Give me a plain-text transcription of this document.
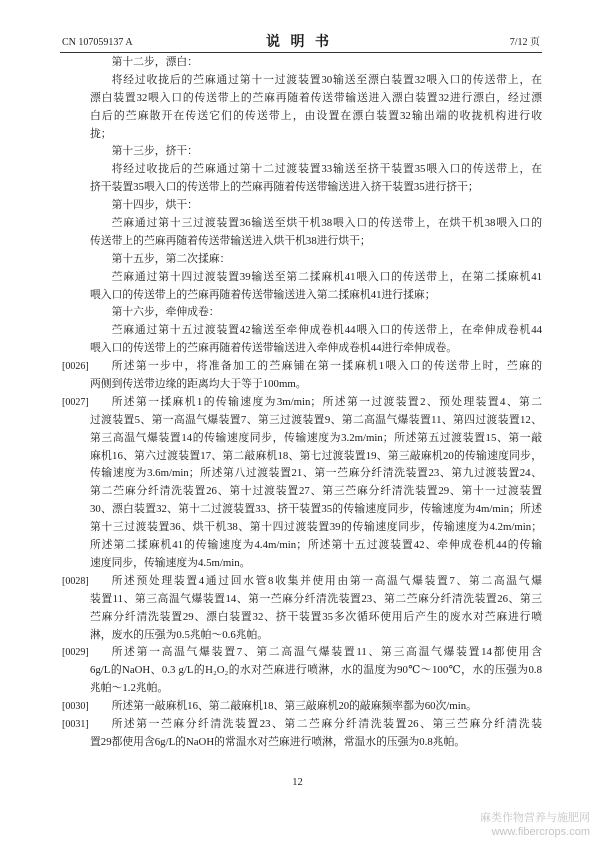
CN 107059137 A	说 明 书	7/12 页
第十二步，漂白：
将经过收拢后的苎麻通过第十一过渡装置30输送至漂白装置32喂入口的传送带上，在
漂白装置32喂入口的传送带上的苎麻再随着传送带输送进入漂白装置32进行漂白，经过漂
白后的苎麻散开在传送它们的传送带上，由设置在漂白装置32输出端的收拢机构进行收
拢；
第十三步，挤干：
将经过收拢后的苎麻通过第十二过渡装置33输送至挤干装置35喂入口的传送带上，在
挤干装置35喂入口的传送带上的苎麻再随着传送带输送进入挤干装置35进行挤干；
第十四步，烘干：
苎麻通过第十三过渡装置36输送至烘干机38喂入口的传送带上，在烘干机38喂入口的
传送带上的苎麻再随着传送带输送进入烘干机38进行烘干；
第十五步，第二次揉麻：
苎麻通过第十四过渡装置39输送至第二揉麻机41喂入口的传送带上，在第二揉麻机41
喂入口的传送带上的苎麻再随着传送带输送进入第二揉麻机41进行揉麻；
第十六步，牵伸成卷：
苎麻通过第十五过渡装置42输送至牵伸成卷机44喂入口的传送带上，在牵伸成卷机44
喂入口的传送带上的苎麻再随着传送带输送进入牵伸成卷机44进行牵伸成卷。
[0026]	所述第一步中，将准备加工的苎麻铺在第一揉麻机1喂入口的传送带上时，苎麻的
两侧到传送带边缘的距离均大于等于100mm。
[0027]	所述第一揉麻机1的传输速度为3m/min；所述第一过渡装置2、预处理装置4、第二
过渡装置5、第一高温气爆装置7、第三过渡装置9、第二高温气爆装置11、第四过渡装置12、
第三高温气爆装置14的传输速度同步，传输速度为3.2m/min；所述第五过渡装置15、第一敲
麻机16、第六过渡装置17、第二敲麻机18、第七过渡装置19、第三敲麻机20的传输速度同步，
传输速度为3.6m/min；所述第八过渡装置21、第一苎麻分纤清洗装置23、第九过渡装置24、
第二苎麻分纤清洗装置26、第十过渡装置27、第三苎麻分纤清洗装置29、第十一过渡装置
30、漂白装置32、第十二过渡装置33、挤干装置35的传输速度同步，传输速度为4m/min；所述
第十三过渡装置36、烘干机38、第十四过渡装置39的传输速度同步，传输速度为4.2m/min；
所述第二揉麻机41的传输速度为4.4m/min；所述第十五过渡装置42、牵伸成卷机44的传输
速度同步，传输速度为4.5m/min。
[0028]	所述预处理装置4通过回水管8收集并使用由第一高温气爆装置7、第二高温气爆
装置11、第三高温气爆装置14、第一苎麻分纤清洗装置23、第二苎麻分纤清洗装置26、第三
苎麻分纤清洗装置29、漂白装置32、挤干装置35多次循环使用后产生的废水对苎麻进行喷
淋，废水的压强为0.5兆帕～0.6兆帕。
[0029]	所述第一高温气爆装置7、第二高温气爆装置11、第三高温气爆装置14都使用含
6g/L的NaOH、0.3 g/L的H₂O₂的水对苎麻进行喷淋，水的温度为90℃～100℃，水的压强为0.8
兆帕～1.2兆帕。
[0030]	所述第一敲麻机16、第二敲麻机18、第三敲麻机20的敲麻频率都为60次/min。
[0031]	所述第一苎麻分纤清洗装置23、第二苎麻分纤清洗装置26、第三苎麻分纤清洗装
置29都使用含6g/L的NaOH的常温水对苎麻进行喷淋，常温水的压强为0.8兆帕。
12
麻类作物营养与施肥网
www.fibercrops.com
